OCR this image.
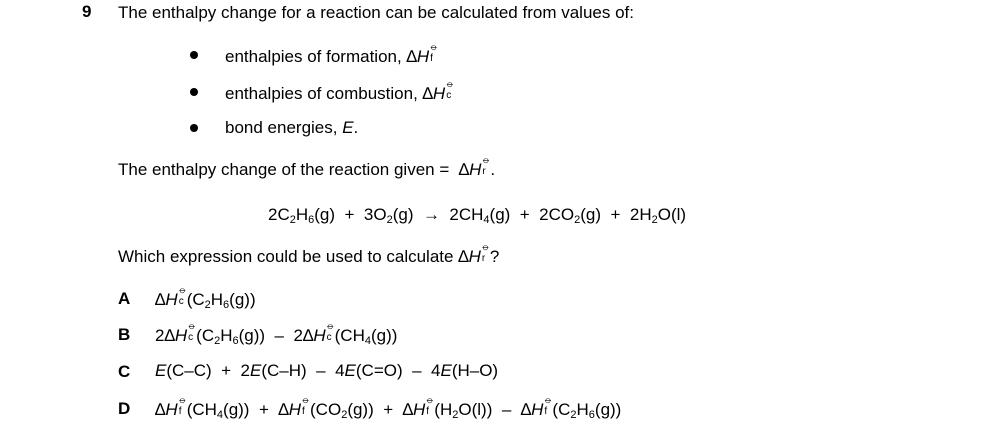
9 The enthalpy change for a reaction can be calculated from values of:
enthalpies of formation, ∆H ⦵
f
enthalpies of combustion, ∆H ⦵
c
bond energies, E.
The enthalpy change of the reaction given =  ∆H ⦵
r .
$2C_2H_6(g) + 3O_2(g) \to 2CH_4(g) + 2CO_2(g) + 2H_2O(l)$
Which expression could be used to calculate ∆H ⦵
r ?
A ∆H ⦵
c $(C_2H_6(g))$
B 2∆H ⦵
c $(C_2H_6(g)) - 2\Delta H$ ⦵
c $(CH_4(g))$
C E(C–C) + 2E(C–H) – 4E(C=O) – 4E(H–O)
D ∆H ⦵
f $(CH_4(g)) + \Delta H$ ⦵
f $(CO_2(g)) + \Delta H$ ⦵
f $(H_2O(l)) - \Delta H$ ⦵
f $(C_2H_6(g))$
